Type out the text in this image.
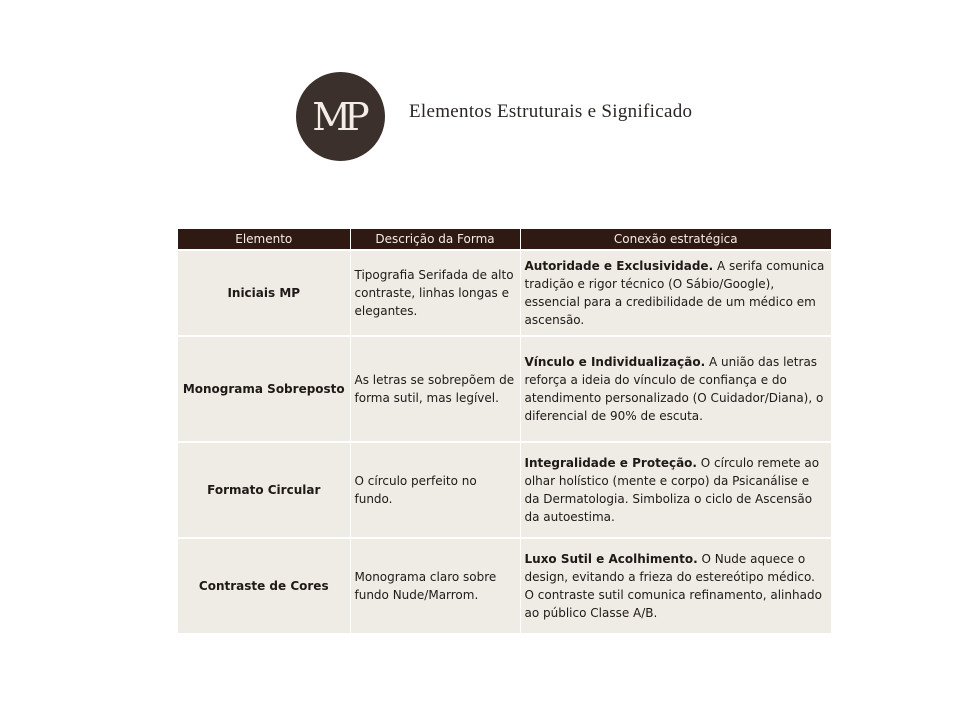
MP	Elementos Estruturais e Significado
Elemento	Descrição da Forma	Conexão estratégica
Iniciais MP	Tipografia Serifada de alto contraste, linhas longas e elegantes.	Autoridade e Exclusividade. A serifa comunica tradição e rigor técnico (O Sábio/Google), essencial para a credibilidade de um médico em ascensão.
Monograma Sobreposto	As letras se sobrepõem de forma sutil, mas legível.	Vínculo e Individualização. A união das letras reforça a ideia do vínculo de confiança e do atendimento personalizado (O Cuidador/Diana), o diferencial de 90% de escuta.
Formato Circular	O círculo perfeito no fundo.	Integralidade e Proteção. O círculo remete ao olhar holístico (mente e corpo) da Psicanálise e da Dermatologia. Simboliza o ciclo de Ascensão da autoestima.
Contraste de Cores	Monograma claro sobre fundo Nude/Marrom.	Luxo Sutil e Acolhimento. O Nude aquece o design, evitando a frieza do estereótipo médico. O contraste sutil comunica refinamento, alinhado ao público Classe A/B.
